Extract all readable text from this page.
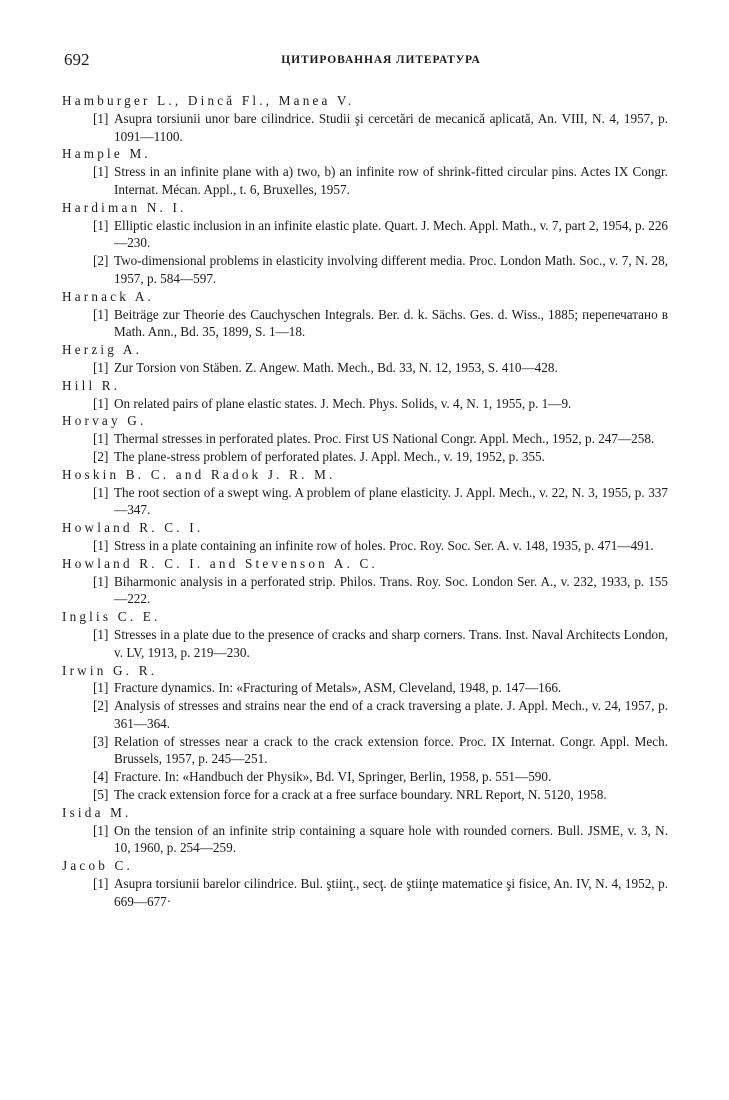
692	ЦИТИРОВАННАЯ ЛИТЕРАТУРА

Hamburger L., Dincă Fl., Manea V.

[1] Asupra torsiunii unor bare cilindrice. Studii şi cercetări de mecanică aplicată, An. VIII, N. 4, 1957, p. 1091—1100.

Hample M.

[1] Stress in an infinite plane with a) two, b) an infinite row of shrink-fitted circular pins. Actes IX Congr. Internat. Mécan. Appl., t. 6, Bruxelles, 1957.

Hardiman N. I.

[1] Elliptic elastic inclusion in an infinite elastic plate. Quart. J. Mech. Appl. Math., v. 7, part 2, 1954, p. 226—230.

[2] Two-dimensional problems in elasticity involving different media. Proc. London Math. Soc., v. 7, N. 28, 1957, p. 584—597.

Harnack A.

[1] Beiträge zur Theorie des Cauchyschen Integrals. Ber. d. k. Sächs. Ges. d. Wiss., 1885; перепечатано в Math. Ann., Bd. 35, 1899, S. 1—18.

Herzig A.

[1] Zur Torsion von Stäben. Z. Angew. Math. Mech., Bd. 33, N. 12, 1953, S. 410—428.

Hill R.

[1] On related pairs of plane elastic states. J. Mech. Phys. Solids, v. 4, N. 1, 1955, p. 1—9.

Horvay G.

[1] Thermal stresses in perforated plates. Proc. First US National Congr. Appl. Mech., 1952, p. 247—258.

[2] The plane-stress problem of perforated plates. J. Appl. Mech., v. 19, 1952, p. 355.

Hoskin B. C. and Radok J. R. M.

[1] The root section of a swept wing. A problem of plane elasticity. J. Appl. Mech., v. 22, N. 3, 1955, p. 337—347.

Howland R. C. I.

[1] Stress in a plate containing an infinite row of holes. Proc. Roy. Soc. Ser. A. v. 148, 1935, p. 471—491.

Howland R. C. I. and Stevenson A. C.

[1] Biharmonic analysis in a perforated strip. Philos. Trans. Roy. Soc. London Ser. A., v. 232, 1933, p. 155—222.

Inglis C. E.

[1] Stresses in a plate due to the presence of cracks and sharp corners. Trans. Inst. Naval Architects London, v. LV, 1913, p. 219—230.

Irwin G. R.

[1] Fracture dynamics. In: «Fracturing of Metals», ASM, Cleveland, 1948, p. 147—166.

[2] Analysis of stresses and strains near the end of a crack traversing a plate. J. Appl. Mech., v. 24, 1957, p. 361—364.

[3] Relation of stresses near a crack to the crack extension force. Proc. IX Internat. Congr. Appl. Mech. Brussels, 1957, p. 245—251.

[4] Fracture. In: «Handbuch der Physik», Bd. VI, Springer, Berlin, 1958, p. 551—590.

[5] The crack extension force for a crack at a free surface boundary. NRL Report, N. 5120, 1958.

Isida M.

[1] On the tension of an infinite strip containing a square hole with rounded corners. Bull. JSME, v. 3, N. 10, 1960, p. 254—259.

Jacob C.

[1] Asupra torsiunii barelor cilindrice. Bul. ştiinţ., secţ. de ştiinţe matematice şi fisice, An. IV, N. 4, 1952, p. 669—677·
